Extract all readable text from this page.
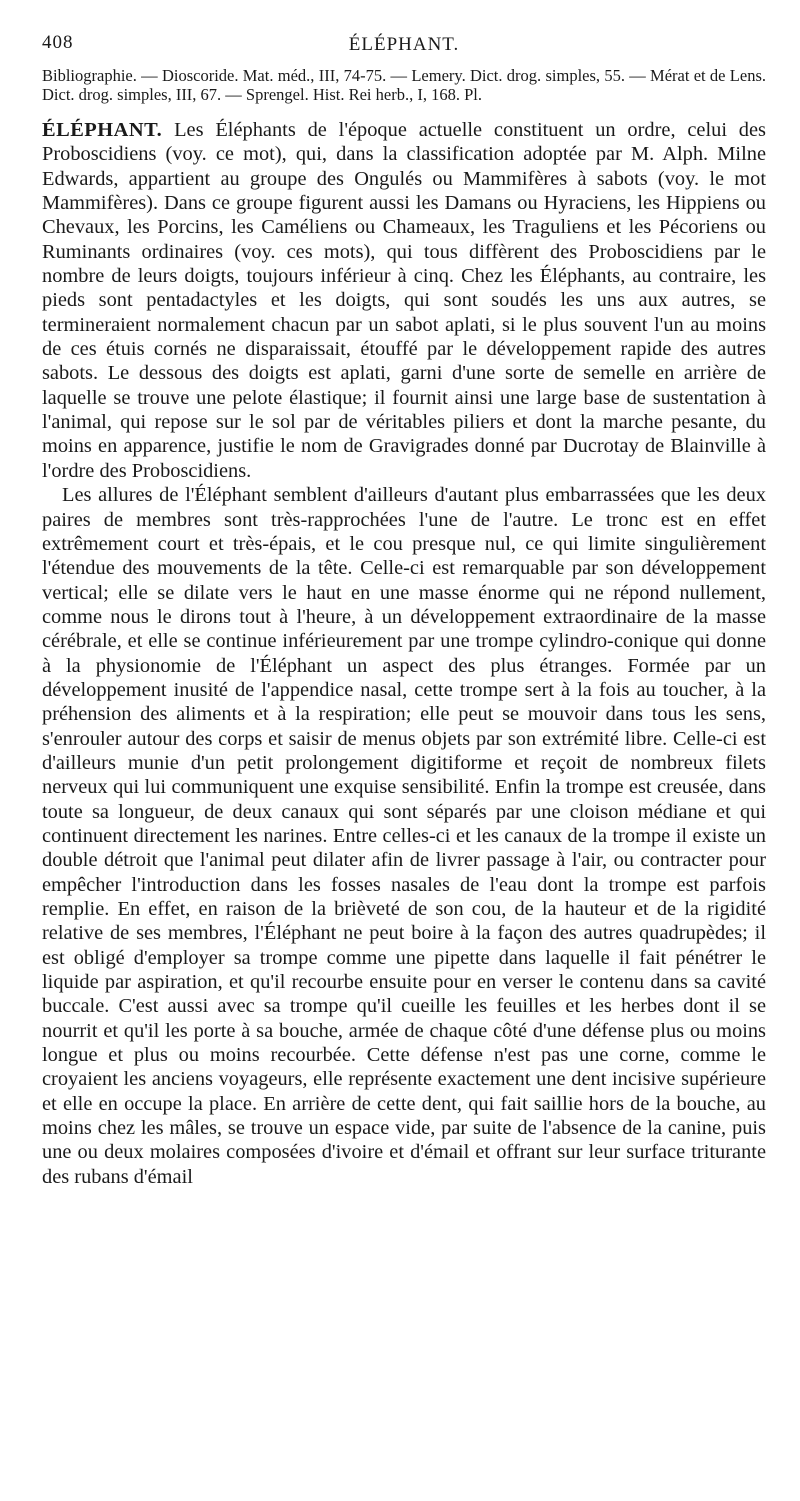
408	ÉLÉPHANT.
Bibliographie. — Dioscoride. Mat. méd., III, 74-75. — Lemery. Dict. drog. simples, 55. — Mérat et de Lens. Dict. drog. simples, III, 67. — Sprengel. Hist. Rei herb., I, 168. Pl.

ÉLÉPHANT. Les Éléphants de l'époque actuelle constituent un ordre, celui des Proboscidiens (voy. ce mot), qui, dans la classification adoptée par M. Alph. Milne Edwards, appartient au groupe des Ongulés ou Mammifères à sabots (voy. le mot Mammifères). Dans ce groupe figurent aussi les Damans ou Hyraciens, les Hippiens ou Chevaux, les Porcins, les Caméliens ou Chameaux, les Traguliens et les Pécoriens ou Ruminants ordinaires (voy. ces mots), qui tous diffèrent des Proboscidiens par le nombre de leurs doigts, toujours inférieur à cinq. Chez les Éléphants, au contraire, les pieds sont pentadactyles et les doigts, qui sont soudés les uns aux autres, se termineraient normalement chacun par un sabot aplati, si le plus souvent l'un au moins de ces étuis cornés ne disparaissait, étouffé par le développement rapide des autres sabots. Le dessous des doigts est aplati, garni d'une sorte de semelle en arrière de laquelle se trouve une pelote élastique; il fournit ainsi une large base de sustentation à l'animal, qui repose sur le sol par de véritables piliers et dont la marche pesante, du moins en apparence, justifie le nom de Gravigrades donné par Ducrotay de Blainville à l'ordre des Proboscidiens.

Les allures de l'Éléphant semblent d'ailleurs d'autant plus embarrassées que les deux paires de membres sont très-rapprochées l'une de l'autre. Le tronc est en effet extrêmement court et très-épais, et le cou presque nul, ce qui limite singulièrement l'étendue des mouvements de la tête. Celle-ci est remarquable par son développement vertical; elle se dilate vers le haut en une masse énorme qui ne répond nullement, comme nous le dirons tout à l'heure, à un développement extraordinaire de la masse cérébrale, et elle se continue inférieurement par une trompe cylindro-conique qui donne à la physionomie de l'Éléphant un aspect des plus étranges. Formée par un développement inusité de l'appendice nasal, cette trompe sert à la fois au toucher, à la préhension des aliments et à la respiration; elle peut se mouvoir dans tous les sens, s'enrouler autour des corps et saisir de menus objets par son extrémité libre. Celle-ci est d'ailleurs munie d'un petit prolongement digitiforme et reçoit de nombreux filets nerveux qui lui communiquent une exquise sensibilité. Enfin la trompe est creusée, dans toute sa longueur, de deux canaux qui sont séparés par une cloison médiane et qui continuent directement les narines. Entre celles-ci et les canaux de la trompe il existe un double détroit que l'animal peut dilater afin de livrer passage à l'air, ou contracter pour empêcher l'introduction dans les fosses nasales de l'eau dont la trompe est parfois remplie. En effet, en raison de la brièveté de son cou, de la hauteur et de la rigidité relative de ses membres, l'Éléphant ne peut boire à la façon des autres quadrupèdes; il est obligé d'employer sa trompe comme une pipette dans laquelle il fait pénétrer le liquide par aspiration, et qu'il recourbe ensuite pour en verser le contenu dans sa cavité buccale. C'est aussi avec sa trompe qu'il cueille les feuilles et les herbes dont il se nourrit et qu'il les porte à sa bouche, armée de chaque côté d'une défense plus ou moins longue et plus ou moins recourbée. Cette défense n'est pas une corne, comme le croyaient les anciens voyageurs, elle représente exactement une dent incisive supérieure et elle en occupe la place. En arrière de cette dent, qui fait saillie hors de la bouche, au moins chez les mâles, se trouve un espace vide, par suite de l'absence de la canine, puis une ou deux molaires composées d'ivoire et d'émail et offrant sur leur surface triturante des rubans d'émail
